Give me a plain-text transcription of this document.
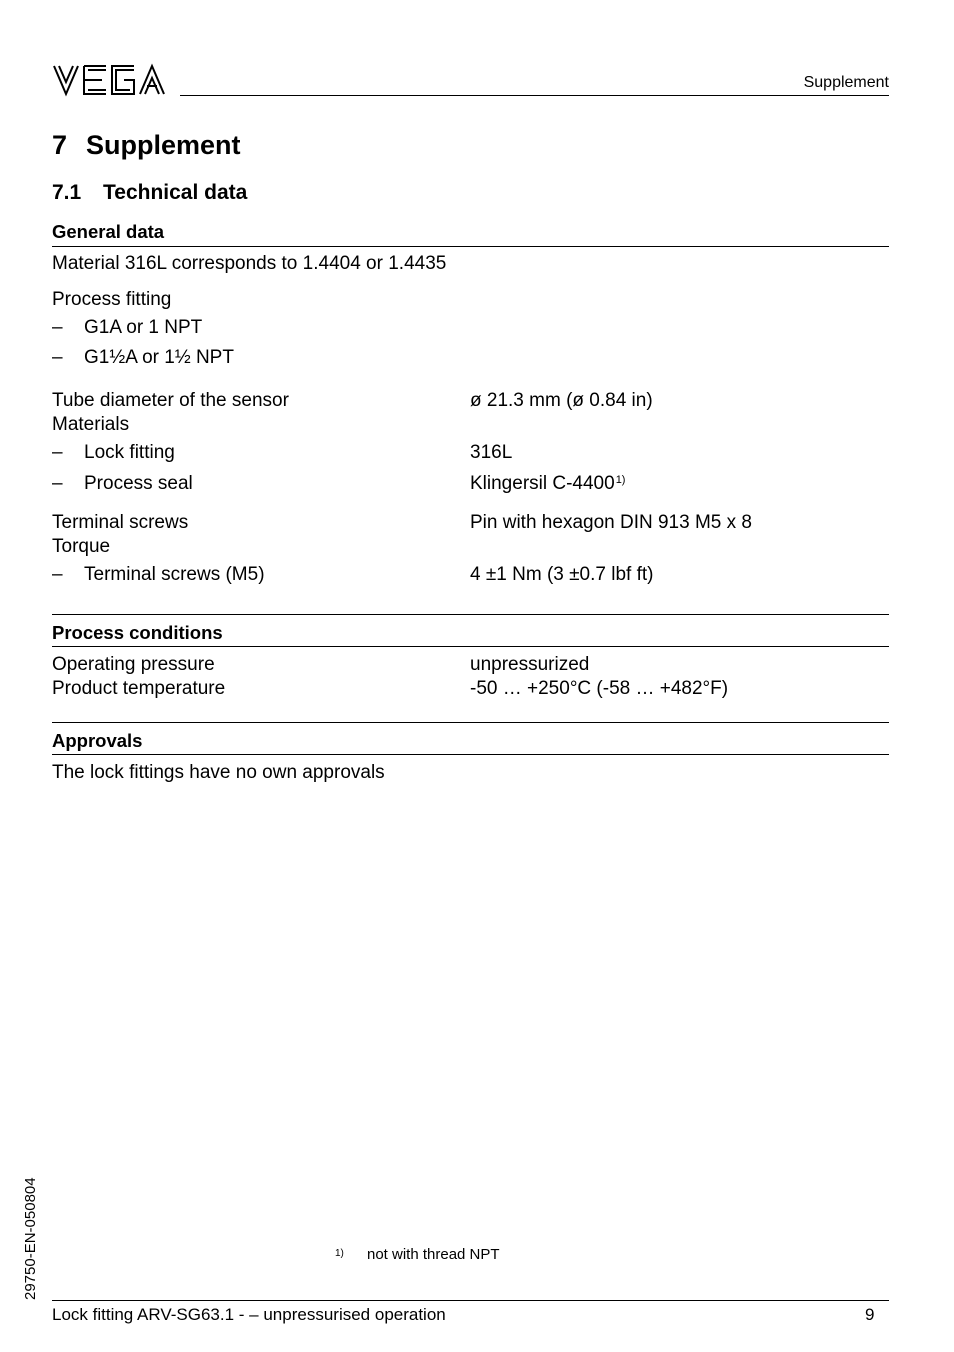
Supplement
7 Supplement
7.1 Technical data
General data
Material 316L corresponds to 1.4404 or 1.4435
Process fitting
– G1A or 1 NPT
– G1½A or 1½ NPT
Tube diameter of the sensor	ø 21.3 mm (ø 0.84 in)
Materials
– Lock fitting	316L
– Process seal	Klingersil C-4400$^{1)}$
Terminal screws	Pin with hexagon DIN 913 M5 x 8
Torque
– Terminal screws (M5)	4 ±1 Nm (3 ±0.7 lbf ft)
Process conditions
Operating pressure	unpressurized
Product temperature	-50 … +250°C (-58 … +482°F)
Approvals
The lock fittings have no own approvals
1) not with thread NPT
29750-EN-050804
Lock fitting ARV-SG63.1 - – unpressurised operation	9
